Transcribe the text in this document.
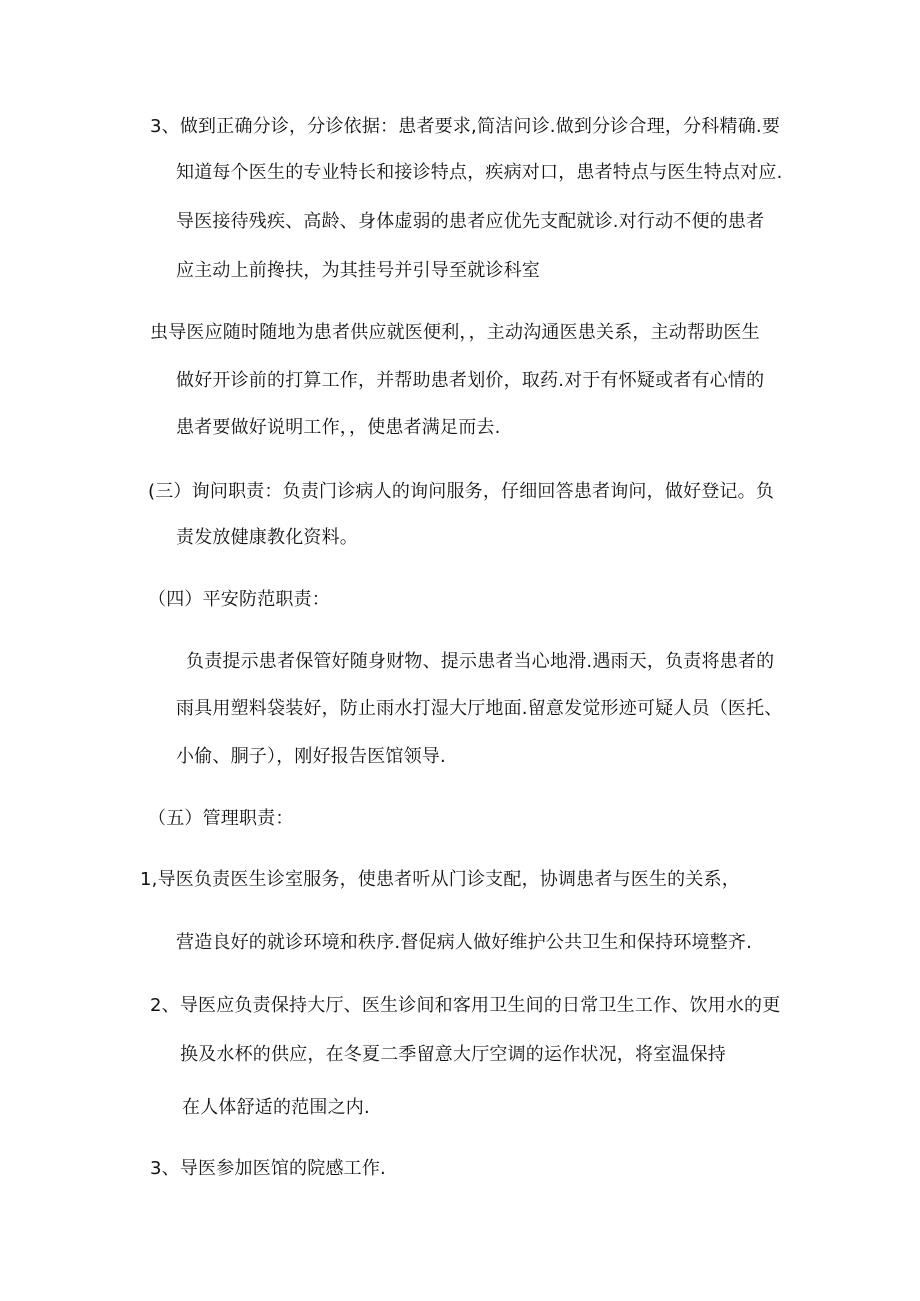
3、做到正确分诊，分诊依据：患者要求,简洁问诊.做到分诊合理，分科精确.要
知道每个医生的专业特长和接诊特点，疾病对口，患者特点与医生特点对应.
导医接待残疾、高龄、身体虚弱的患者应优先支配就诊.对行动不便的患者
应主动上前搀扶，为其挂号并引导至就诊科室
虫导医应随时随地为患者供应就医便利，，主动沟通医患关系，主动帮助医生
做好开诊前的打算工作，并帮助患者划价，取药.对于有怀疑或者有心情的
患者要做好说明工作，，使患者满足而去.
(三）询问职责：负责门诊病人的询问服务，仔细回答患者询问，做好登记。负
责发放健康教化资料。
（四）平安防范职责：
负责提示患者保管好随身财物、提示患者当心地滑.遇雨天，负责将患者的
雨具用塑料袋装好，防止雨水打湿大厅地面.留意发觉形迹可疑人员（医托、
小偷、胴子），刚好报告医馆领导.
（五）管理职责：
1,导医负责医生诊室服务，使患者听从门诊支配，协调患者与医生的关系，
营造良好的就诊环境和秩序.督促病人做好维护公共卫生和保持环境整齐.
2、导医应负责保持大厅、医生诊间和客用卫生间的日常卫生工作、饮用水的更
换及水杯的供应，在冬夏二季留意大厅空调的运作状况，将室温保持
在人体舒适的范围之内.
3、导医参加医馆的院感工作.
